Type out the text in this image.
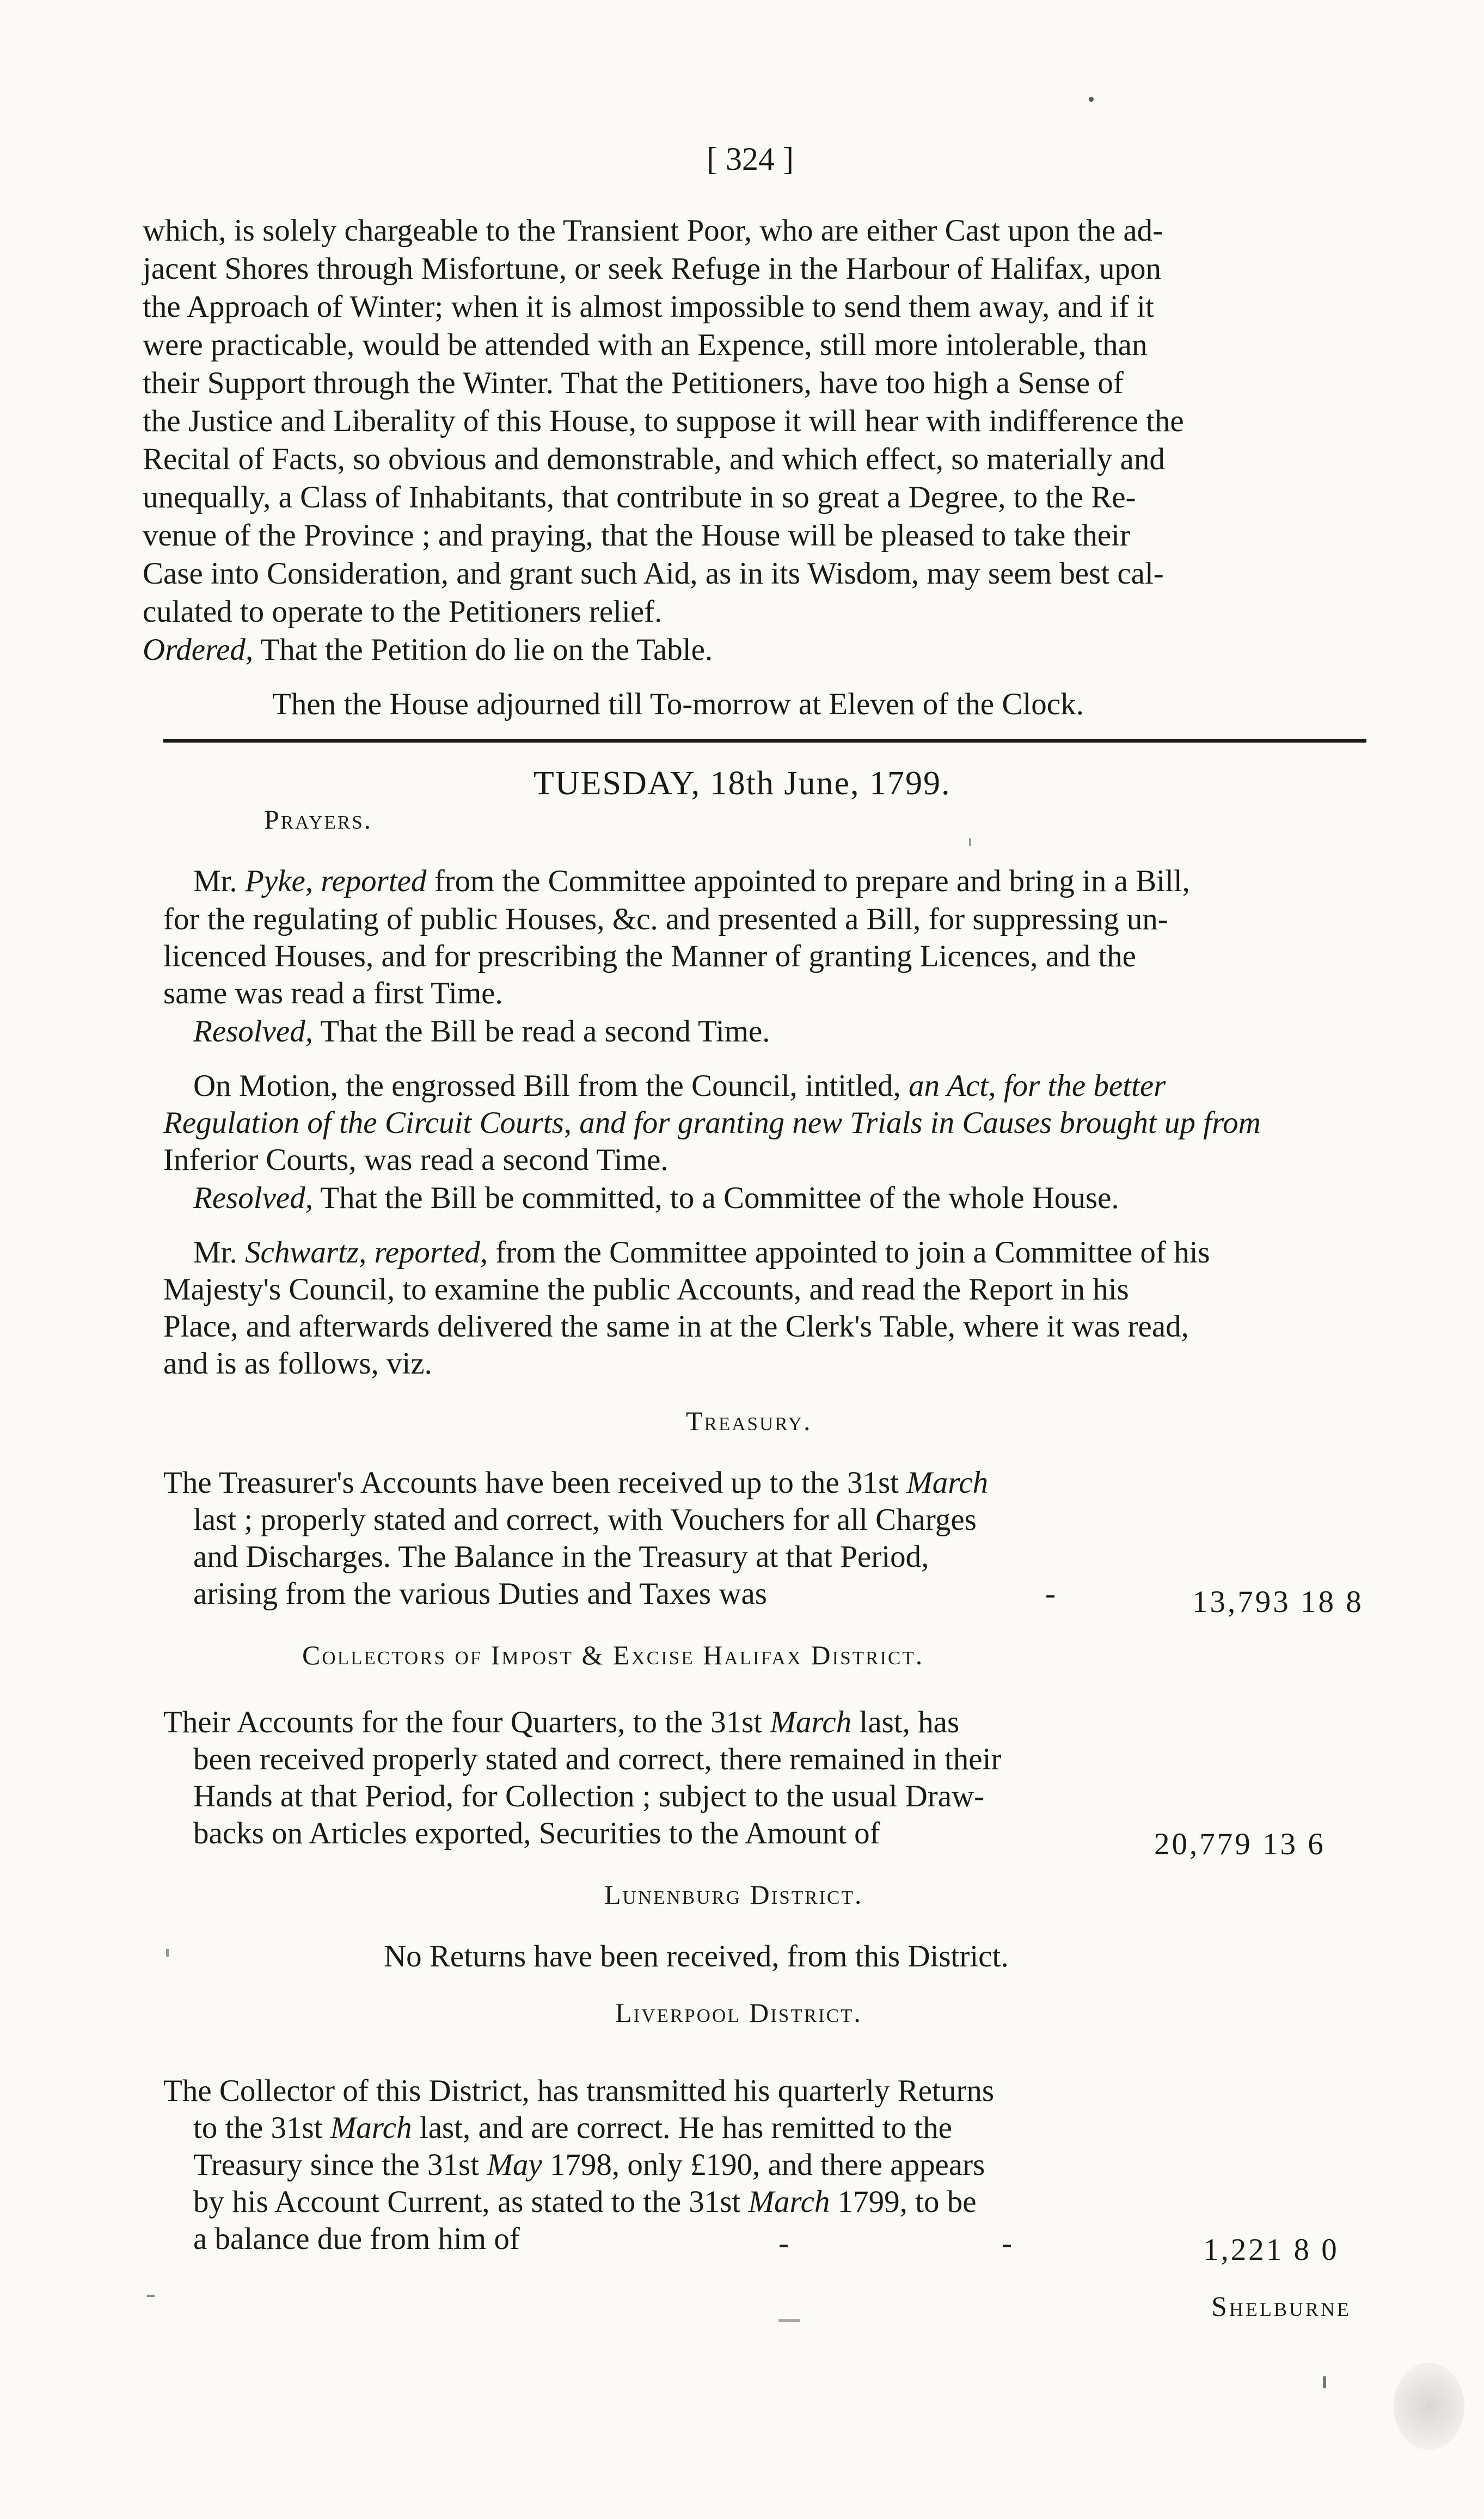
[ 324 ]
which, is solely chargeable to the Transient Poor, who are either Cast upon the ad-
jacent Shores through Misfortune, or seek Refuge in the Harbour of Halifax, upon
the Approach of Winter; when it is almost impossible to send them away, and if it
were practicable, would be attended with an Expence, still more intolerable, than
their Support through the Winter. That the Petitioners, have too high a Sense of
the Justice and Liberality of this House, to suppose it will hear with indifference the
Recital of Facts, so obvious and demonstrable, and which effect, so materially and
unequally, a Class of Inhabitants, that contribute in so great a Degree, to the Re-
venue of the Province ; and praying, that the House will be pleased to take their
Case into Consideration, and grant such Aid, as in its Wisdom, may seem best cal-
culated to operate to the Petitioners relief.
Ordered, That the Petition do lie on the Table.
Then the House adjourned till To-morrow at Eleven of the Clock.
TUESDAY, 18th June, 1799.
Prayers.
Mr. Pyke, reported from the Committee appointed to prepare and bring in a Bill,
for the regulating of public Houses, &c. and presented a Bill, for suppressing un-
licenced Houses, and for prescribing the Manner of granting Licences, and the
same was read a first Time.
Resolved, That the Bill be read a second Time.
On Motion, the engrossed Bill from the Council, intitled, an Act, for the better
Regulation of the Circuit Courts, and for granting new Trials in Causes brought up from
Inferior Courts, was read a second Time.
Resolved, That the Bill be committed, to a Committee of the whole House.
Mr. Schwartz, reported, from the Committee appointed to join a Committee of his
Majesty's Council, to examine the public Accounts, and read the Report in his
Place, and afterwards delivered the same in at the Clerk's Table, where it was read,
and is as follows, viz.
Treasury.
The Treasurer's Accounts have been received up to the 31st March
last ; properly stated and correct, with Vouchers for all Charges
and Discharges. The Balance in the Treasury at that Period,
arising from the various Duties and Taxes was	-	13,793 18 8
Collectors of Impost & Excise Halifax District.
Their Accounts for the four Quarters, to the 31st March last, has
been received properly stated and correct, there remained in their
Hands at that Period, for Collection ; subject to the usual Draw-
backs on Articles exported, Securities to the Amount of	20,779 13 6
Lunenburg District.
No Returns have been received, from this District.
Liverpool District.
The Collector of this District, has transmitted his quarterly Returns
to the 31st March last, and are correct. He has remitted to the
Treasury since the 31st May 1798, only £190, and there appears
by his Account Current, as stated to the 31st March 1799, to be
a balance due from him of	-	-	1,221 8 0
Shelburne
